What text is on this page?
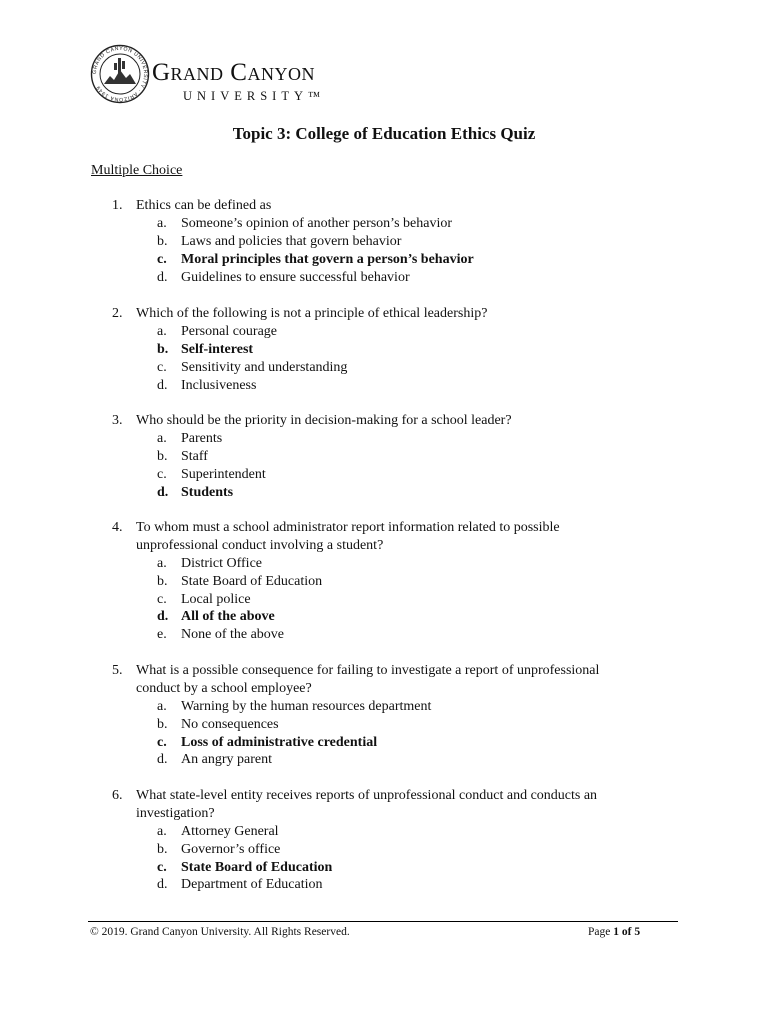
GRAND CANYON UNIVERSITY · ARIZONA 1949
Grand Canyon
UNIVERSITY™
Topic 3: College of Education Ethics Quiz
Multiple Choice
1. Ethics can be defined as
a.	Someone’s opinion of another person’s behavior
b. Laws and policies that govern behavior
c.	Moral principles that govern a person’s behavior
d. Guidelines to ensure successful behavior
2. Which of the following is not a principle of ethical leadership?
a.	Personal courage
b. Self-interest
c.	Sensitivity and understanding
d. Inclusiveness
3. Who should be the priority in decision-making for a school leader?
a.	Parents
b. Staff
c.	Superintendent
d. Students
4. To whom must a school administrator report information related to possible
unprofessional conduct involving a student?
a.	District Office
b. State Board of Education
c.	Local police
d. All of the above
e.	None of the above
5. What is a possible consequence for failing to investigate a report of unprofessional
conduct by a school employee?
a.	Warning by the human resources department
b. No consequences
c.	Loss of administrative credential
d. An angry parent
6. What state-level entity receives reports of unprofessional conduct and conducts an
investigation?
a.	Attorney General
b. Governor’s office
c.	State Board of Education
d. Department of Education
© 2019. Grand Canyon University. All Rights Reserved.	Page 1 of 5
